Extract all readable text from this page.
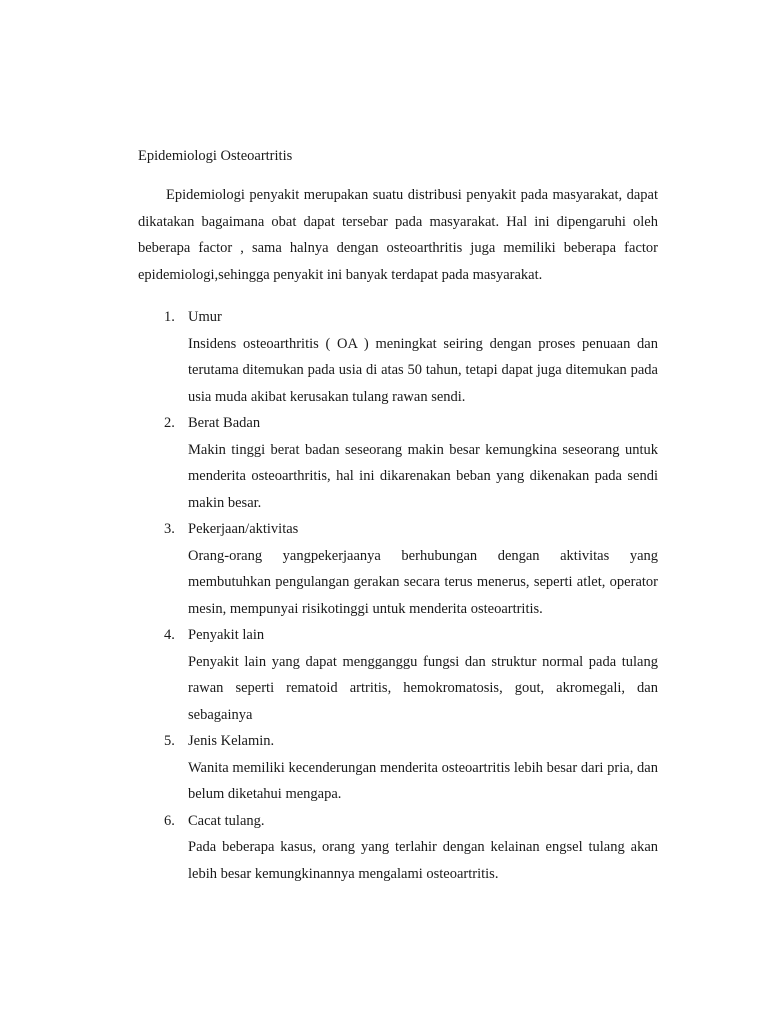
Epidemiologi Osteoartritis

Epidemiologi penyakit merupakan suatu distribusi penyakit pada masyarakat, dapat dikatakan bagaimana obat dapat tersebar pada masyarakat. Hal ini dipengaruhi oleh beberapa factor , sama halnya dengan osteoarthritis juga memiliki beberapa factor epidemiologi,sehingga penyakit ini banyak terdapat pada masyarakat.

1. Umur

Insidens osteoarthritis ( OA ) meningkat seiring dengan proses penuaan dan terutama ditemukan pada usia di atas 50 tahun, tetapi dapat juga ditemukan pada usia muda akibat kerusakan tulang rawan sendi.

2. Berat Badan

Makin tinggi berat badan seseorang makin besar kemungkina seseorang untuk menderita osteoarthritis, hal ini dikarenakan beban yang dikenakan pada sendi makin besar.

3. Pekerjaan/aktivitas

Orang-orang yangpekerjaanya berhubungan dengan aktivitas yang membutuhkan pengulangan gerakan secara terus menerus, seperti atlet, operator mesin, mempunyai risikotinggi untuk menderita osteoartritis.

4. Penyakit lain

Penyakit lain yang dapat mengganggu fungsi dan struktur normal pada tulang rawan seperti rematoid artritis, hemokromatosis, gout, akromegali, dan sebagainya

5. Jenis Kelamin.

Wanita memiliki kecenderungan menderita osteoartritis lebih besar dari pria, dan belum diketahui mengapa.

6. Cacat tulang.

Pada beberapa kasus, orang yang terlahir dengan kelainan engsel tulang akan lebih besar kemungkinannya mengalami osteoartritis.
